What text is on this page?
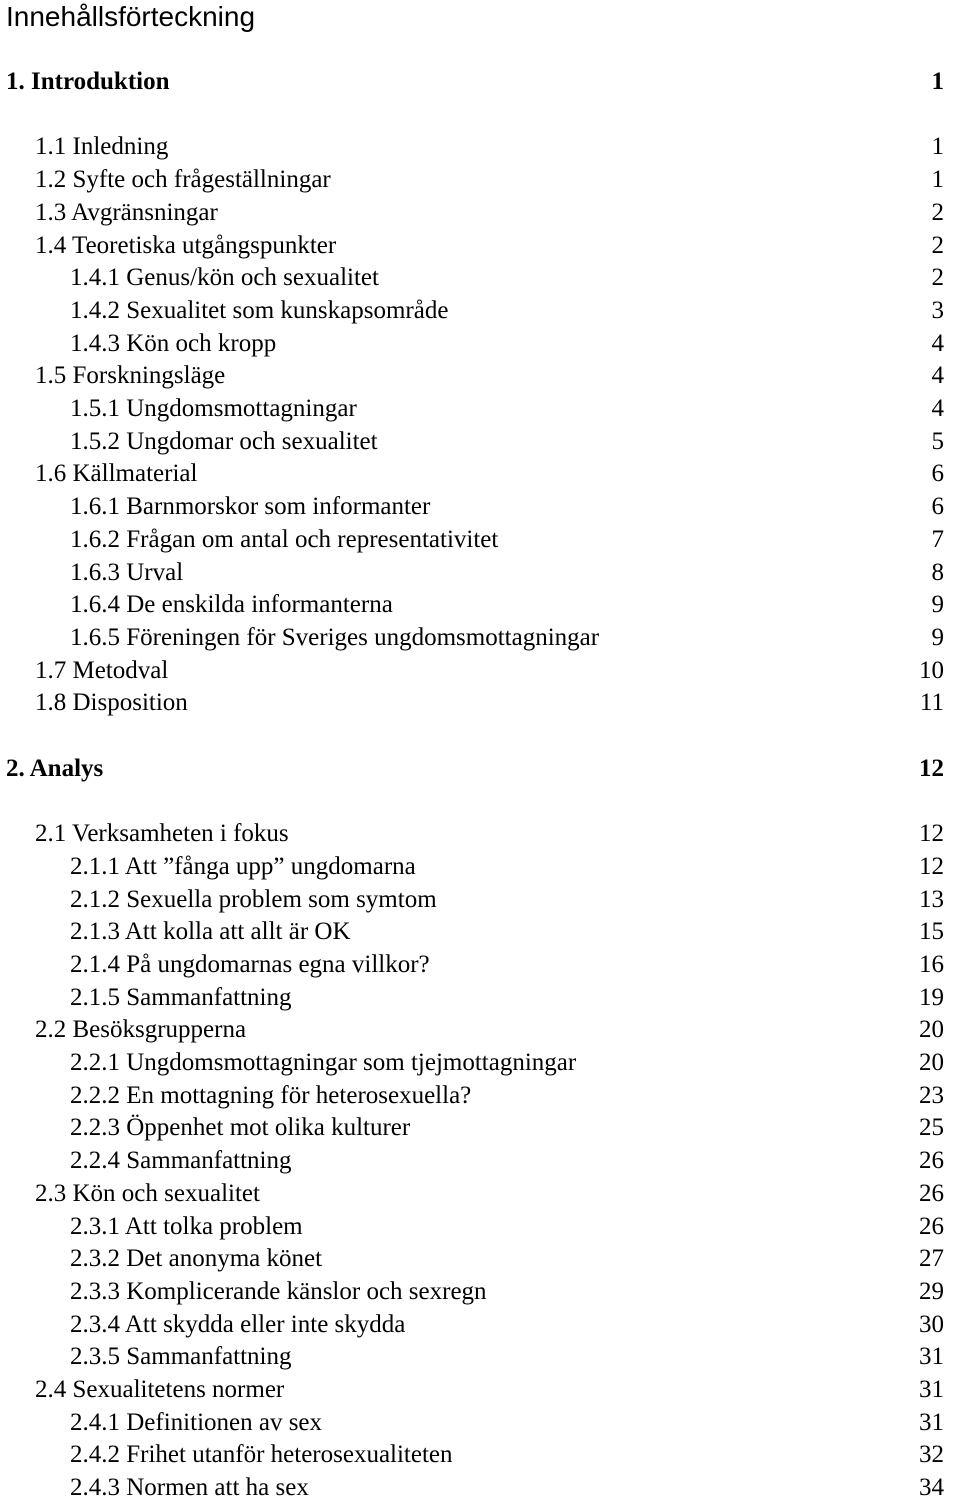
Innehållsförteckning
1. Introduktion	1
1.1 Inledning	1
1.2 Syfte och frågeställningar	1
1.3 Avgränsningar	2
1.4 Teoretiska utgångspunkter	2
1.4.1 Genus/kön och sexualitet	2
1.4.2 Sexualitet som kunskapsområde	3
1.4.3 Kön och kropp	4
1.5 Forskningsläge	4
1.5.1 Ungdomsmottagningar	4
1.5.2 Ungdomar och sexualitet	5
1.6 Källmaterial	6
1.6.1 Barnmorskor som informanter	6
1.6.2 Frågan om antal och representativitet	7
1.6.3 Urval	8
1.6.4 De enskilda informanterna	9
1.6.5 Föreningen för Sveriges ungdomsmottagningar	9
1.7 Metodval	10
1.8 Disposition	11
2. Analys	12
2.1 Verksamheten i fokus	12
2.1.1 Att ”fånga upp” ungdomarna	12
2.1.2 Sexuella problem som symtom	13
2.1.3 Att kolla att allt är OK	15
2.1.4 På ungdomarnas egna villkor?	16
2.1.5 Sammanfattning	19
2.2 Besöksgrupperna	20
2.2.1 Ungdomsmottagningar som tjejmottagningar	20
2.2.2 En mottagning för heterosexuella?	23
2.2.3 Öppenhet mot olika kulturer	25
2.2.4 Sammanfattning	26
2.3 Kön och sexualitet	26
2.3.1 Att tolka problem	26
2.3.2 Det anonyma könet	27
2.3.3 Komplicerande känslor och sexregn	29
2.3.4 Att skydda eller inte skydda	30
2.3.5 Sammanfattning	31
2.4 Sexualitetens normer	31
2.4.1 Definitionen av sex	31
2.4.2 Frihet utanför heterosexualiteten	32
2.4.3 Normen att ha sex	34
